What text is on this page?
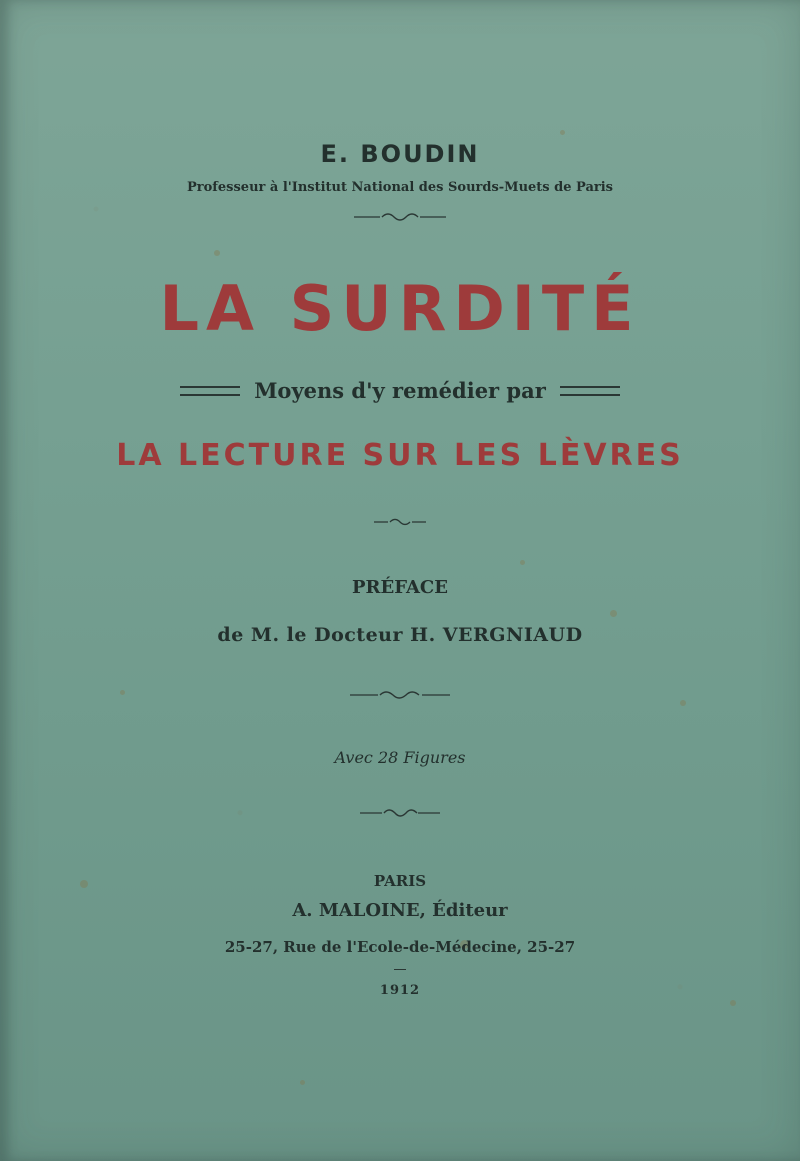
E. BOUDIN
Professeur à l'Institut National des Sourds-Muets de Paris
LA SURDITÉ
Moyens d'y remédier par
LA LECTURE SUR LES LÈVRES
PRÉFACE
de M. le Docteur H. VERGNIAUD
Avec 28 Figures
PARIS
A. MALOINE, Éditeur
25-27, Rue de l'Ecole-de-Médecine, 25-27
1912
